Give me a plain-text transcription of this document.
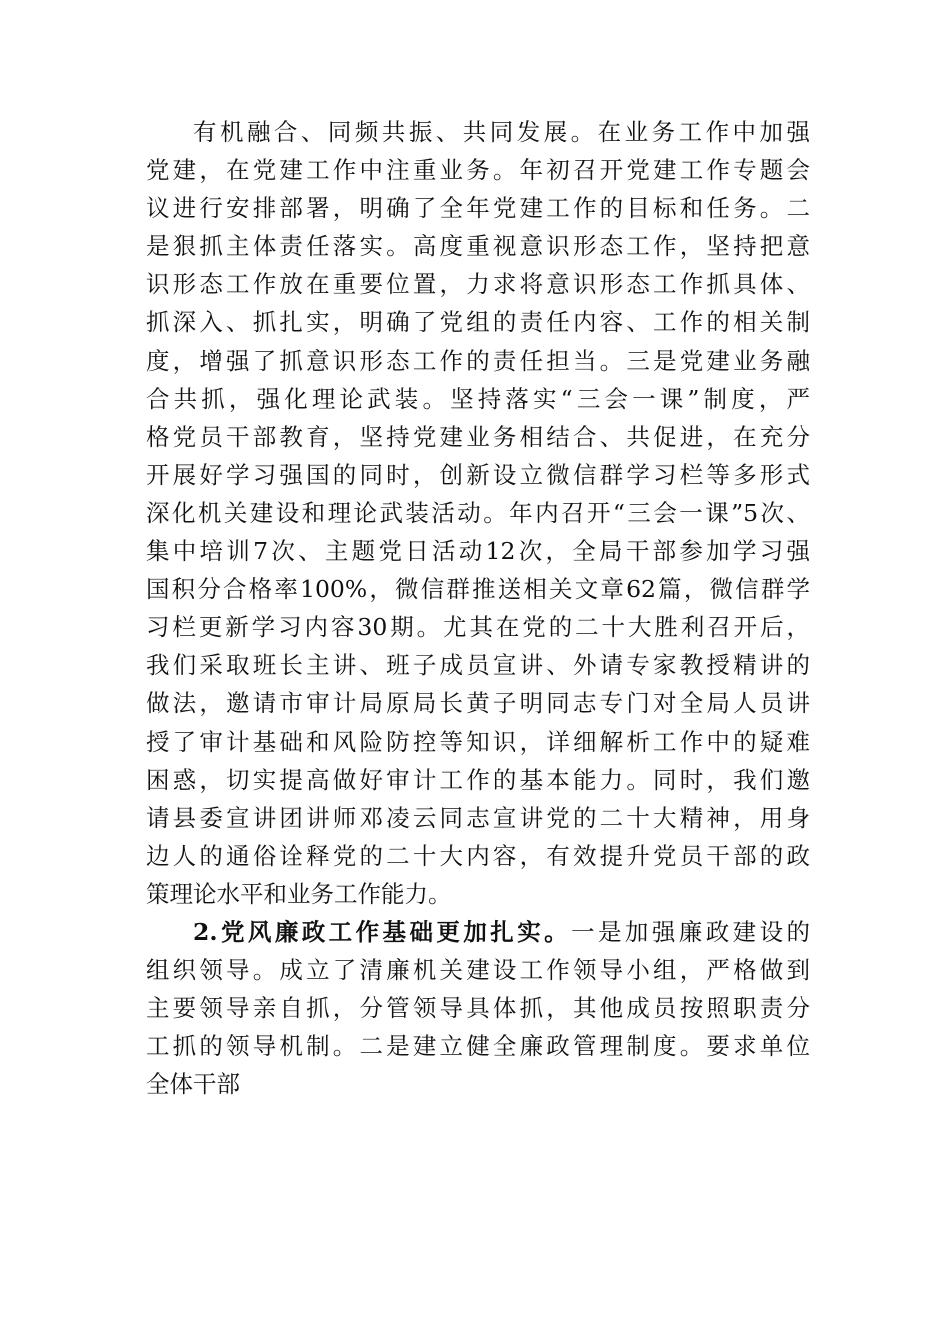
有机融合、同频共振、共同发展。在业务工作中加强
党建，在党建工作中注重业务。年初召开党建工作专题会
议进行安排部署，明确了全年党建工作的目标和任务。二
是狠抓主体责任落实。高度重视意识形态工作，坚持把意
识形态工作放在重要位置，力求将意识形态工作抓具体、
抓深入、抓扎实，明确了党组的责任内容、工作的相关制
度，增强了抓意识形态工作的责任担当。三是党建业务融
合共抓，强化理论武装。坚持落实“三会一课”制度，严
格党员干部教育，坚持党建业务相结合、共促进，在充分
开展好学习强国的同时，创新设立微信群学习栏等多形式
深化机关建设和理论武装活动。年内召开“三会一课”5次、
集中培训7次、主题党日活动12次，全局干部参加学习强
国积分合格率100%，微信群推送相关文章62篇，微信群学
习栏更新学习内容30期。尤其在党的二十大胜利召开后，
我们采取班长主讲、班子成员宣讲、外请专家教授精讲的
做法，邀请市审计局原局长黄子明同志专门对全局人员讲
授了审计基础和风险防控等知识，详细解析工作中的疑难
困惑，切实提高做好审计工作的基本能力。同时，我们邀
请县委宣讲团讲师邓凌云同志宣讲党的二十大精神，用身
边人的通俗诠释党的二十大内容，有效提升党员干部的政
策理论水平和业务工作能力。
2.党风廉政工作基础更加扎实。一是加强廉政建设的
组织领导。成立了清廉机关建设工作领导小组，严格做到
主要领导亲自抓，分管领导具体抓，其他成员按照职责分
工抓的领导机制。二是建立健全廉政管理制度。要求单位
全体干部
